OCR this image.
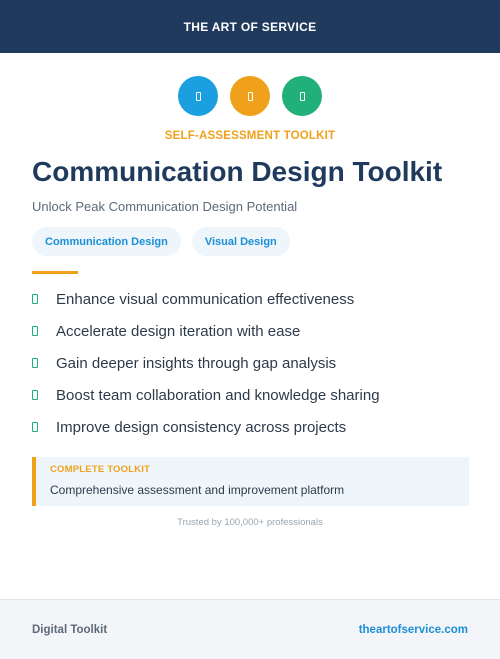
THE ART OF SERVICE
SELF-ASSESSMENT TOOLKIT
Communication Design Toolkit
Unlock Peak Communication Design Potential
Communication Design	Visual Design
Enhance visual communication effectiveness
Accelerate design iteration with ease
Gain deeper insights through gap analysis
Boost team collaboration and knowledge sharing
Improve design consistency across projects
COMPLETE TOOLKIT
Comprehensive assessment and improvement platform
Trusted by 100,000+ professionals
Digital Toolkit	theartofservice.com
